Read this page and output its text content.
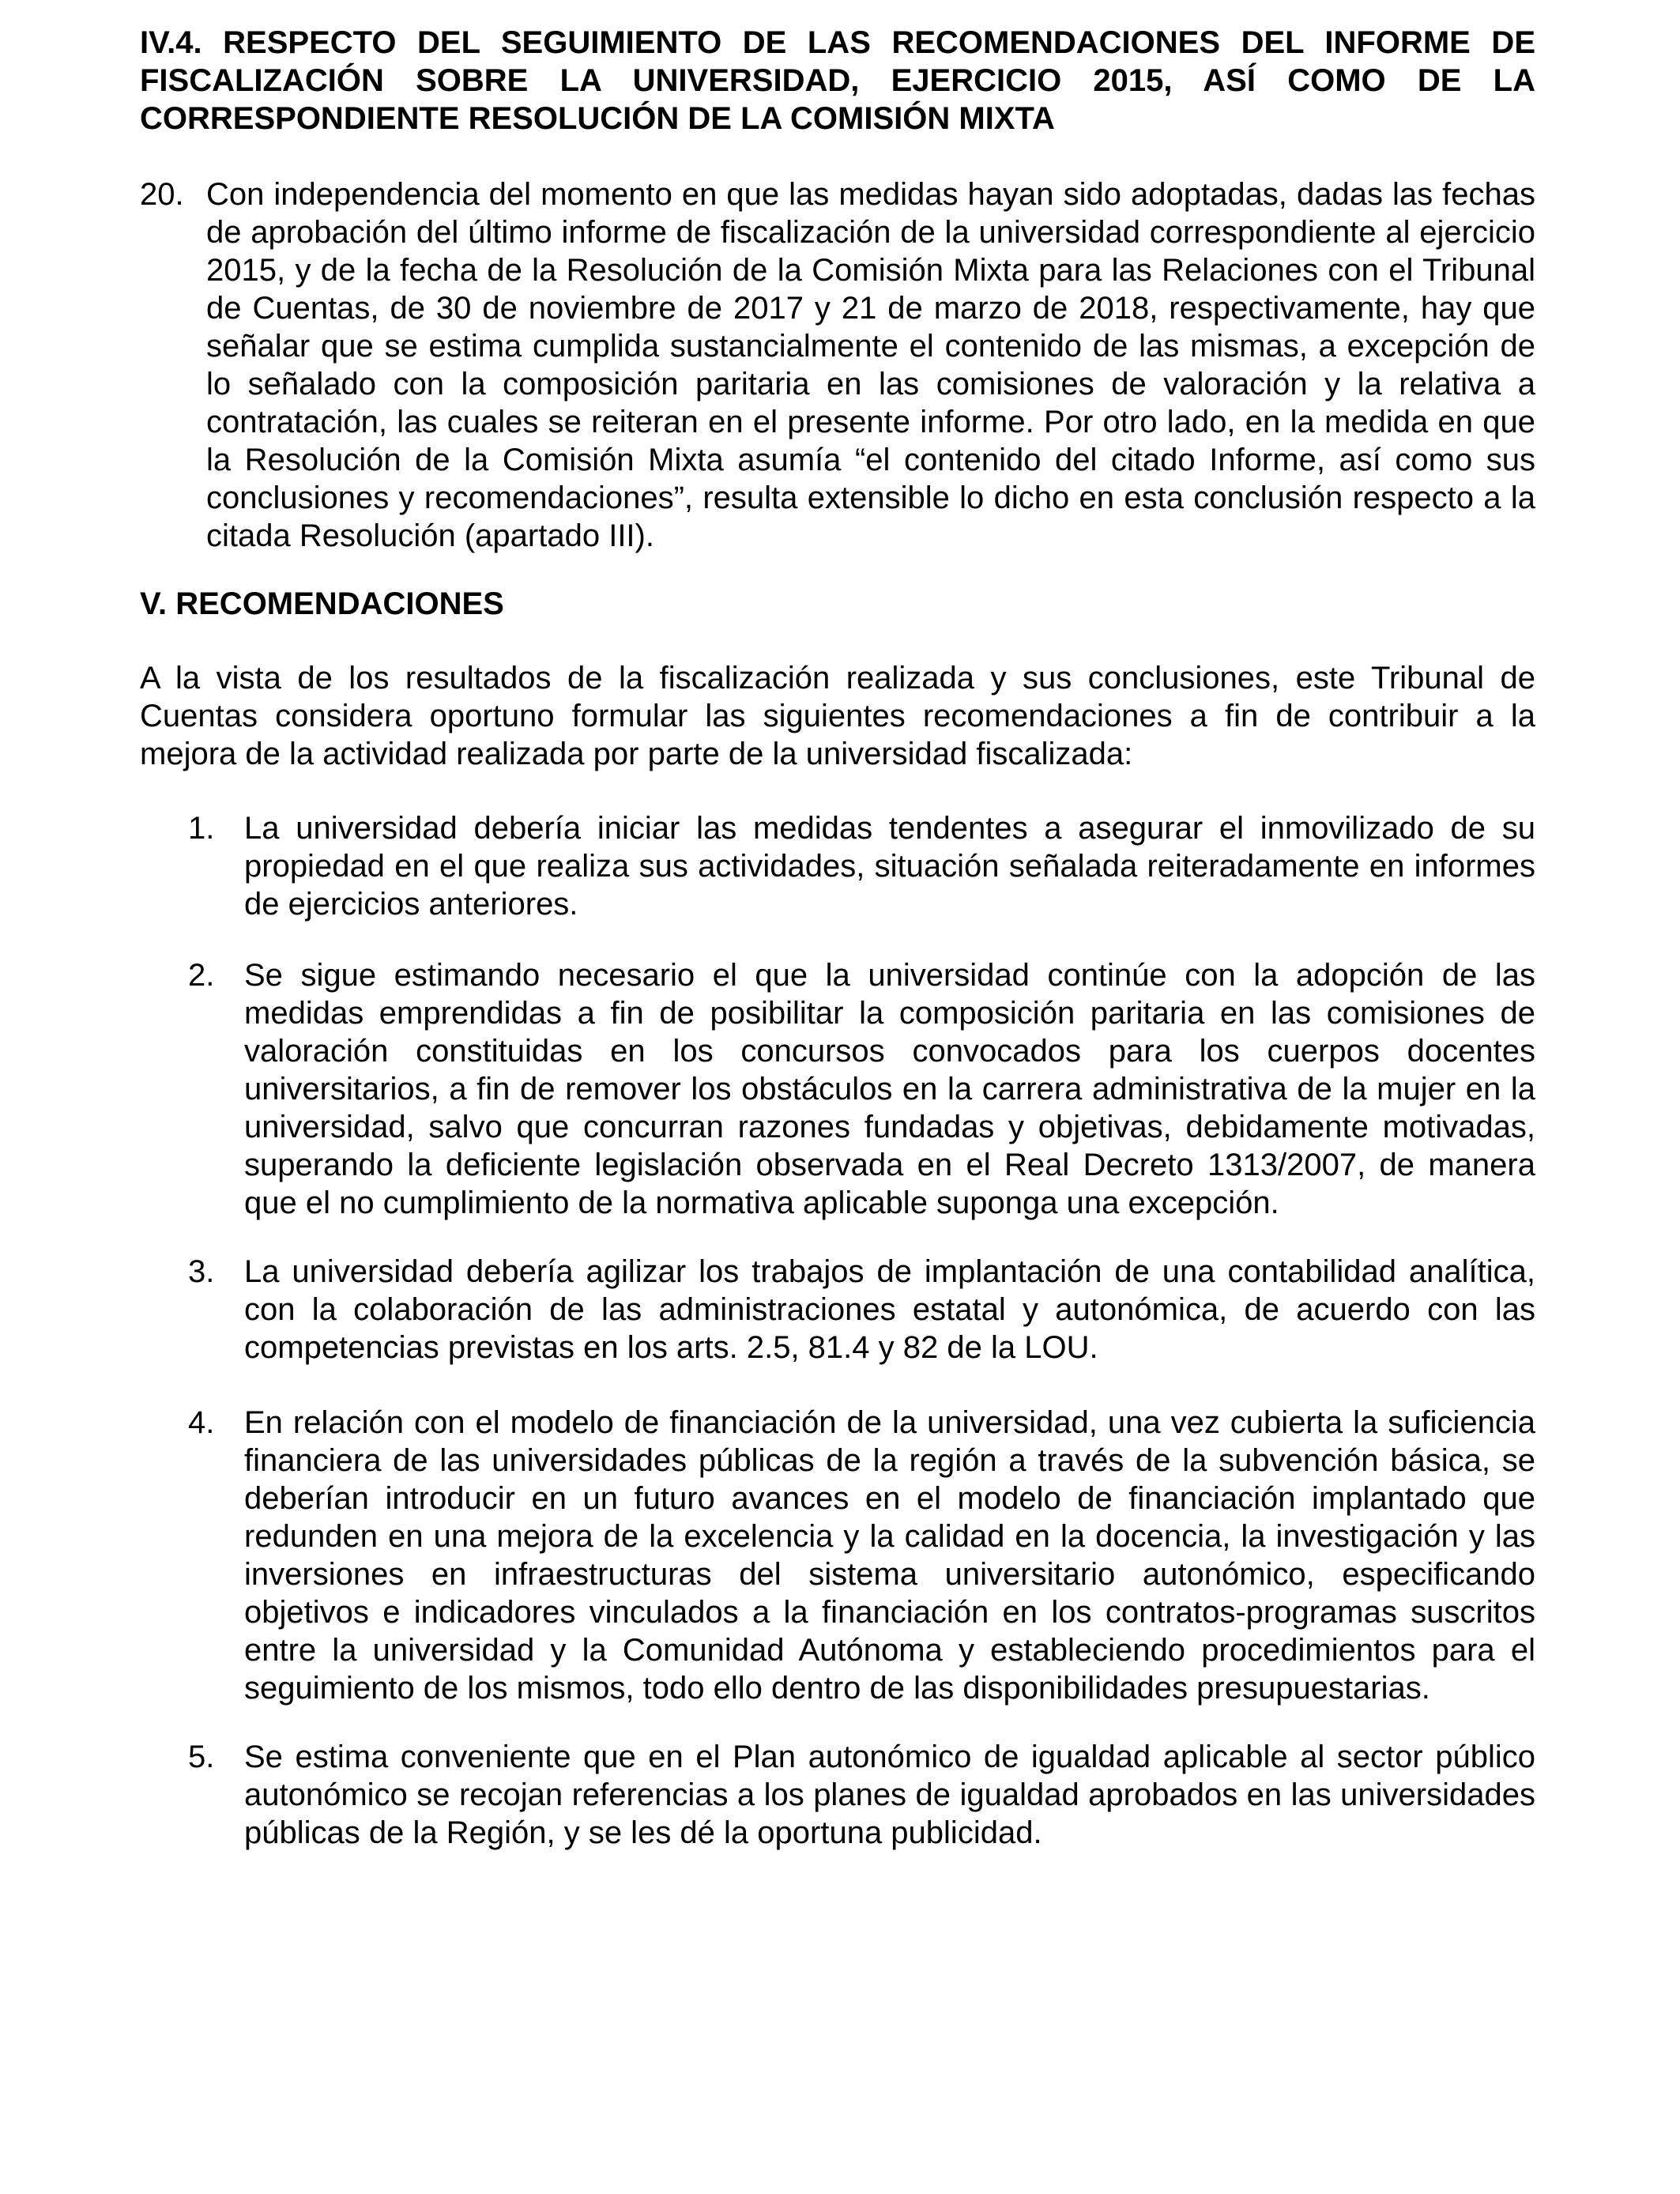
IV.4. RESPECTO DEL SEGUIMIENTO DE LAS RECOMENDACIONES DEL INFORME DE FISCALIZACIÓN SOBRE LA UNIVERSIDAD, EJERCICIO 2015, ASÍ COMO DE LA CORRESPONDIENTE RESOLUCIÓN DE LA COMISIÓN MIXTA
20. Con independencia del momento en que las medidas hayan sido adoptadas, dadas las fechas de aprobación del último informe de fiscalización de la universidad correspondiente al ejercicio 2015, y de la fecha de la Resolución de la Comisión Mixta para las Relaciones con el Tribunal de Cuentas, de 30 de noviembre de 2017 y 21 de marzo de 2018, respectivamente, hay que señalar que se estima cumplida sustancialmente el contenido de las mismas, a excepción de lo señalado con la composición paritaria en las comisiones de valoración y la relativa a contratación, las cuales se reiteran en el presente informe. Por otro lado, en la medida en que la Resolución de la Comisión Mixta asumía “el contenido del citado Informe, así como sus conclusiones y recomendaciones”, resulta extensible lo dicho en esta conclusión respecto a la citada Resolución (apartado III).
V. RECOMENDACIONES
A la vista de los resultados de la fiscalización realizada y sus conclusiones, este Tribunal de Cuentas considera oportuno formular las siguientes recomendaciones a fin de contribuir a la mejora de la actividad realizada por parte de la universidad fiscalizada:
1. La universidad debería iniciar las medidas tendentes a asegurar el inmovilizado de su propiedad en el que realiza sus actividades, situación señalada reiteradamente en informes de ejercicios anteriores.
2. Se sigue estimando necesario el que la universidad continúe con la adopción de las medidas emprendidas a fin de posibilitar la composición paritaria en las comisiones de valoración constituidas en los concursos convocados para los cuerpos docentes universitarios, a fin de remover los obstáculos en la carrera administrativa de la mujer en la universidad, salvo que concurran razones fundadas y objetivas, debidamente motivadas, superando la deficiente legislación observada en el Real Decreto 1313/2007, de manera que el no cumplimiento de la normativa aplicable suponga una excepción.
3. La universidad debería agilizar los trabajos de implantación de una contabilidad analítica, con la colaboración de las administraciones estatal y autonómica, de acuerdo con las competencias previstas en los arts. 2.5, 81.4 y 82 de la LOU.
4. En relación con el modelo de financiación de la universidad, una vez cubierta la suficiencia financiera de las universidades públicas de la región a través de la subvención básica, se deberían introducir en un futuro avances en el modelo de financiación implantado que redunden en una mejora de la excelencia y la calidad en la docencia, la investigación y las inversiones en infraestructuras del sistema universitario autonómico, especificando objetivos e indicadores vinculados a la financiación en los contratos-programas suscritos entre la universidad y la Comunidad Autónoma y estableciendo procedimientos para el seguimiento de los mismos, todo ello dentro de las disponibilidades presupuestarias.
5. Se estima conveniente que en el Plan autonómico de igualdad aplicable al sector público autonómico se recojan referencias a los planes de igualdad aprobados en las universidades públicas de la Región, y se les dé la oportuna publicidad.
